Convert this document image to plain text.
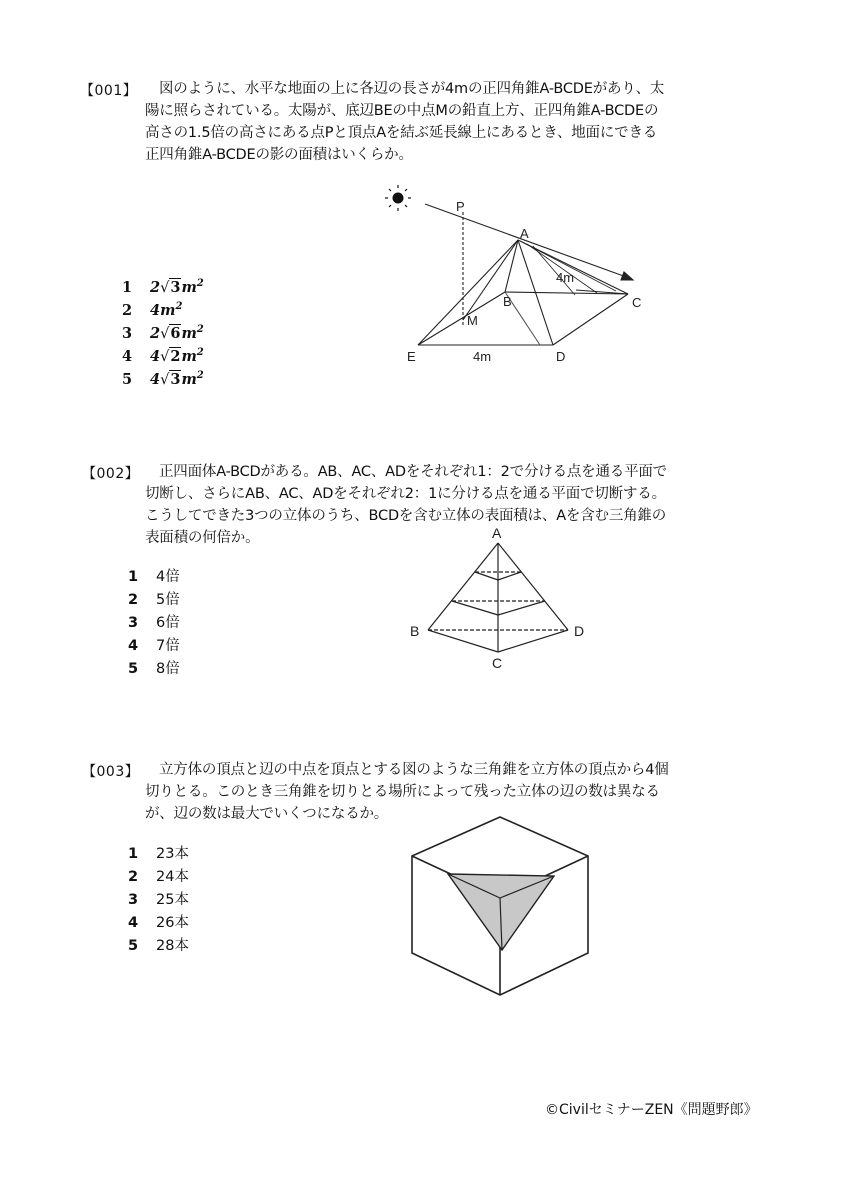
【001】	図のように、水平な地面の上に各辺の長さが4mの正四角錐A-BCDEがあり、太陽に照らされている。太陽が、底辺BEの中点Mの鉛直上方、正四角錐A-BCDEの高さの1.5倍の高さにある点Pと頂点Aを結ぶ延長線上にあるとき、地面にできる正四角錐A-BCDEの影の面積はいくらか。
1 $2√3m^2$
2 $4m^2$
3 $2√6m^2$
4 $4√2m^2$
5 $4√3m^2$
P
A
B	C
D
E
M
4m
4m
【002】	正四面体A-BCDがある。AB、AC、ADをそれぞれ1：2で分ける点を通る平面で切断し、さらにAB、AC、ADをそれぞれ2：1に分ける点を通る平面で切断する。こうしてできた3つの立体のうち、BCDを含む立体の表面積は、Aを含む三角錐の表面積の何倍か。
1 4倍
2 5倍
3 6倍
4 7倍
5 8倍
A
B
C
D
【003】	立方体の頂点と辺の中点を頂点とする図のような三角錐を立方体の頂点から4個切りとる。このとき三角錐を切りとる場所によって残った立体の辺の数は異なるが、辺の数は最大でいくつになるか。
1 23本
2 24本
3 25本
4 26本
5 28本
©CivilセミナーZEN《問題野郎》
